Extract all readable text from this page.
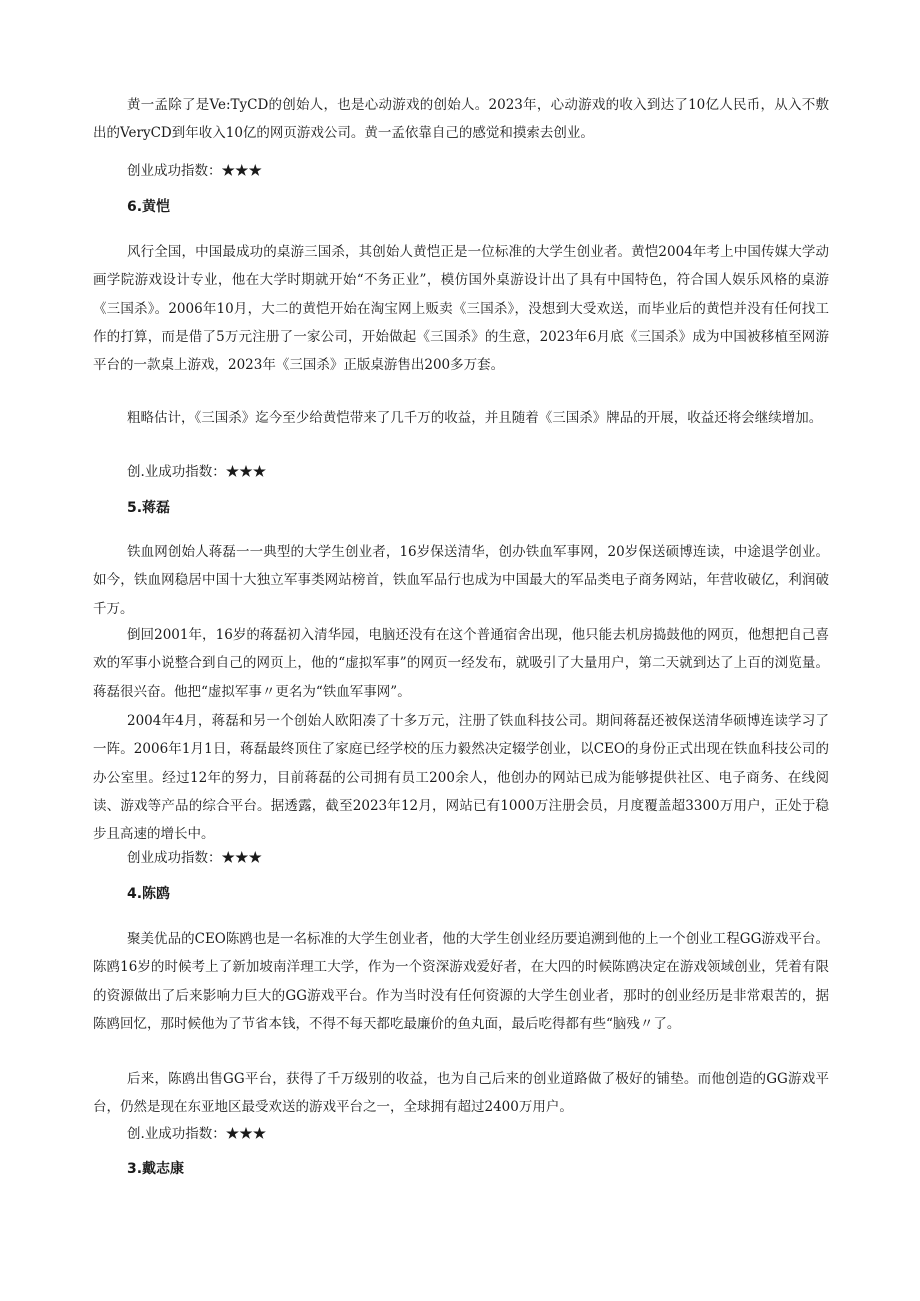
黄一孟除了是Ve:TyCD的创始人，也是心动游戏的创始人。2023年，心动游戏的收入到达了10亿人民币，从入不敷出的VeryCD到年收入10亿的网页游戏公司。黄一孟依靠自己的感觉和摸索去创业。

创业成功指数：★★★

6.黄恺

风行全国，中国最成功的桌游三国杀，其创始人黄恺正是一位标准的大学生创业者。黄恺2004年考上中国传媒大学动画学院游戏设计专业，他在大学时期就开始“不务正业”，模仿国外桌游设计出了具有中国特色，符合国人娱乐风格的桌游《三国杀》。2006年10月，大二的黄恺开始在淘宝网上贩卖《三国杀》，没想到大受欢送，而毕业后的黄恺并没有任何找工作的打算，而是借了5万元注册了一家公司，开始做起《三国杀》的生意，2023年6月底《三国杀》成为中国被移植至网游平台的一款桌上游戏，2023年《三国杀》正版桌游售出200多万套。

粗略估计，《三国杀》迄今至少给黄恺带来了几千万的收益，并且随着《三国杀》牌品的开展，收益还将会继续增加。

创.业成功指数：★★★

5.蒋磊

铁血网创始人蒋磊一一典型的大学生创业者，16岁保送清华，创办铁血军事网，20岁保送硕博连读，中途退学创业。如今，铁血网稳居中国十大独立军事类网站榜首，铁血军品行也成为中国最大的军品类电子商务网站，年营收破亿，利润破千万。

倒回2001年，16岁的蒋磊初入清华园，电脑还没有在这个普通宿舍出现，他只能去机房捣鼓他的网页，他想把自己喜欢的军事小说整合到自己的网页上，他的“虚拟军事”的网页一经发布，就吸引了大量用户，第二天就到达了上百的浏览量。蒋磊很兴奋。他把“虚拟军事〃更名为“铁血军事网”。

2004年4月，蒋磊和另一个创始人欧阳凑了十多万元，注册了铁血科技公司。期间蒋磊还被保送清华硕博连读学习了一阵。2006年1月1日，蒋磊最终顶住了家庭已经学校的压力毅然决定辍学创业，以CEO的身份正式出现在铁血科技公司的办公室里。经过12年的努力，目前蒋磊的公司拥有员工200余人，他创办的网站已成为能够提供社区、电子商务、在线阅读、游戏等产品的综合平台。据透露，截至2023年12月，网站已有1000万注册会员，月度覆盖超3300万用户，正处于稳步且高速的增长中。

创业成功指数：★★★

4.陈鸥

聚美优品的CEO陈鸥也是一名标准的大学生创业者，他的大学生创业经历要追溯到他的上一个创业工程GG游戏平台。陈鸥16岁的时候考上了新加坡南洋理工大学，作为一个资深游戏爱好者，在大四的时候陈鸥决定在游戏领域创业，凭着有限的资源做出了后来影响力巨大的GG游戏平台。作为当时没有任何资源的大学生创业者，那时的创业经历是非常艰苦的，据陈鸥回忆，那时候他为了节省本钱，不得不每天都吃最廉价的鱼丸面，最后吃得都有些“脑残〃了。

后来，陈鸥出售GG平台，获得了千万级别的收益，也为自己后来的创业道路做了极好的铺垫。而他创造的GG游戏平台，仍然是现在东亚地区最受欢送的游戏平台之一，全球拥有超过2400万用户。

创.业成功指数：★★★

3.戴志康
